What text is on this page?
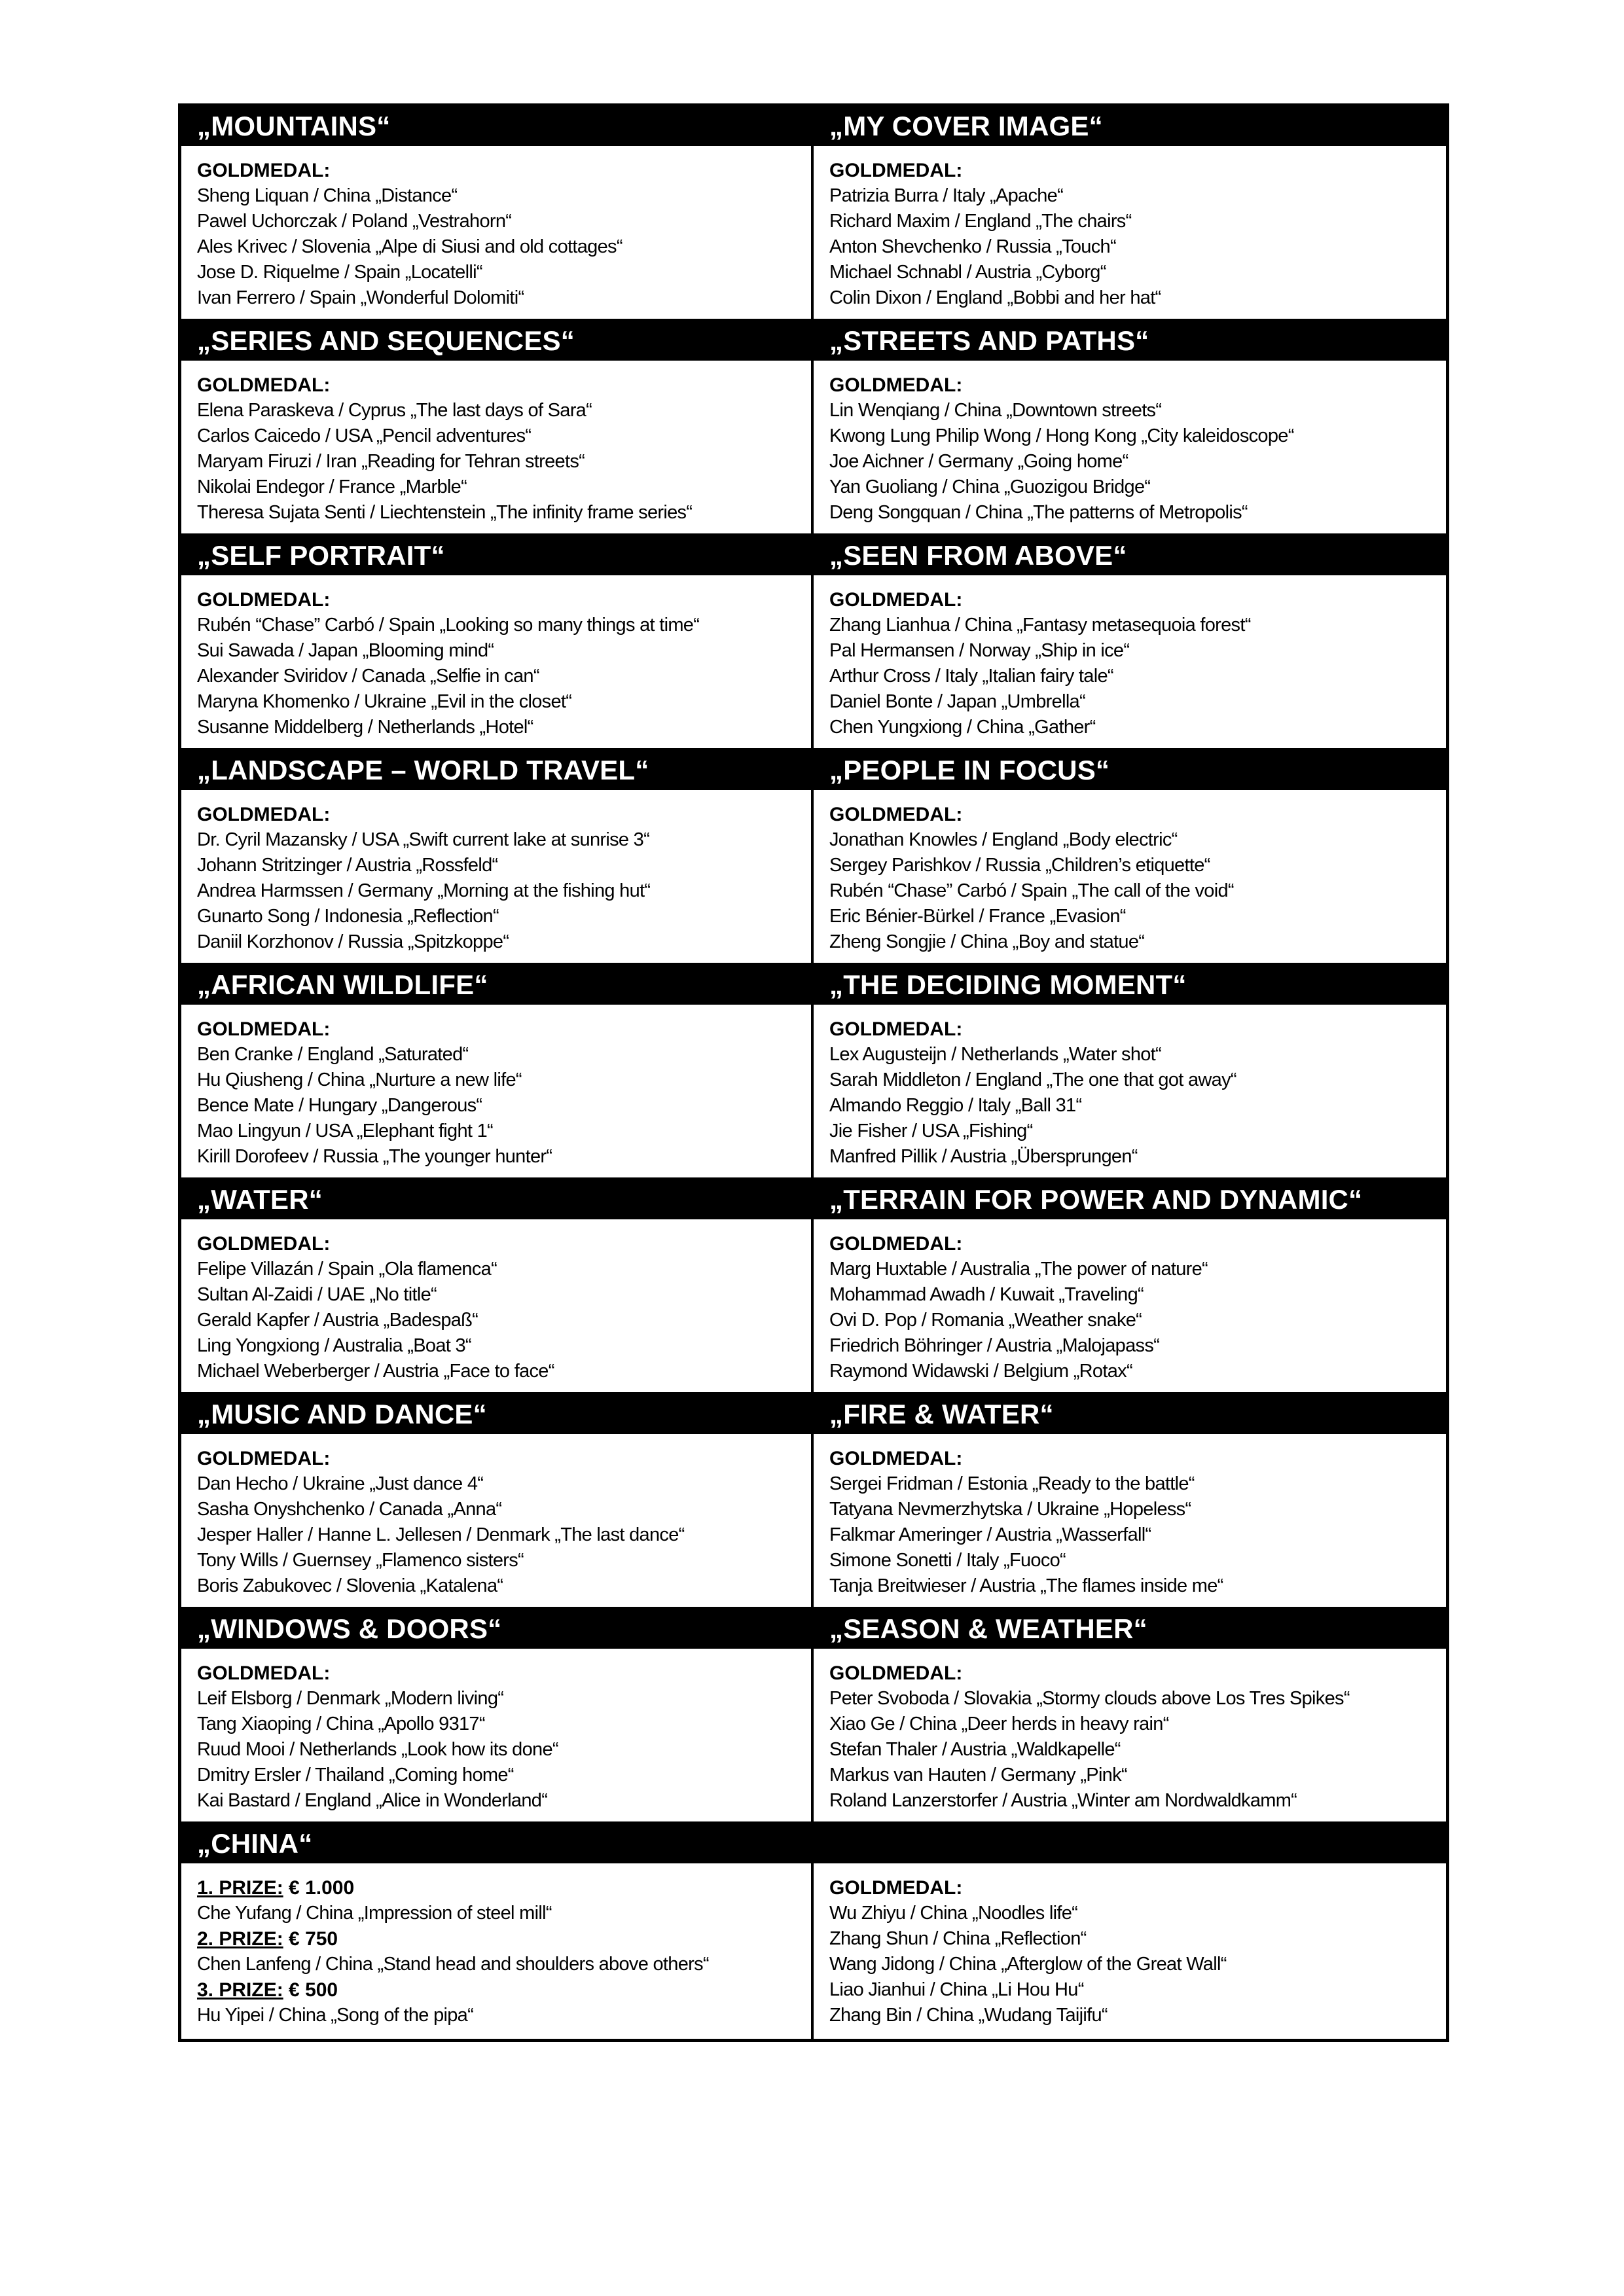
„MOUNTAINS“
GOLDMEDAL:
Sheng Liquan / China „Distance“
Pawel Uchorczak / Poland „Vestrahorn“
Ales Krivec / Slovenia „Alpe di Siusi and old cottages“
Jose D. Riquelme / Spain „Locatelli“
Ivan Ferrero / Spain „Wonderful Dolomiti“
„MY COVER IMAGE“
GOLDMEDAL:
Patrizia Burra / Italy „Apache“
Richard Maxim / England „The chairs“
Anton Shevchenko / Russia „Touch“
Michael Schnabl / Austria „Cyborg“
Colin Dixon / England „Bobbi and her hat“
„SERIES AND SEQUENCES“
GOLDMEDAL:
Elena Paraskeva / Cyprus „The last days of Sara“
Carlos Caicedo / USA „Pencil adventures“
Maryam Firuzi / Iran „Reading for Tehran streets“
Nikolai Endegor / France „Marble“
Theresa Sujata Senti / Liechtenstein „The infinity frame series“
„STREETS AND PATHS“
GOLDMEDAL:
Lin Wenqiang / China „Downtown streets“
Kwong Lung Philip Wong / Hong Kong „City kaleidoscope“
Joe Aichner / Germany „Going home“
Yan Guoliang / China „Guozigou Bridge“
Deng Songquan / China „The patterns of Metropolis“
„SELF PORTRAIT“
GOLDMEDAL:
Rubén “Chase” Carbó / Spain „Looking so many things at time“
Sui Sawada / Japan „Blooming mind“
Alexander Sviridov / Canada „Selfie in can“
Maryna Khomenko / Ukraine „Evil in the closet“
Susanne Middelberg / Netherlands „Hotel“
„SEEN FROM ABOVE“
GOLDMEDAL:
Zhang Lianhua / China „Fantasy metasequoia forest“
Pal Hermansen / Norway „Ship in ice“
Arthur Cross / Italy „Italian fairy tale“
Daniel Bonte / Japan „Umbrella“
Chen Yungxiong / China „Gather“
„LANDSCAPE – WORLD TRAVEL“
GOLDMEDAL:
Dr. Cyril Mazansky / USA „Swift current lake at sunrise 3“
Johann Stritzinger / Austria „Rossfeld“
Andrea Harmssen / Germany „Morning at the fishing hut“
Gunarto Song / Indonesia „Reflection“
Daniil Korzhonov / Russia „Spitzkoppe“
„PEOPLE IN FOCUS“
GOLDMEDAL:
Jonathan Knowles / England „Body electric“
Sergey Parishkov / Russia „Children’s etiquette“
Rubén “Chase” Carbó / Spain „The call of the void“
Eric Bénier-Bürkel / France „Evasion“
Zheng Songjie / China „Boy and statue“
„AFRICAN WILDLIFE“
GOLDMEDAL:
Ben Cranke / England „Saturated“
Hu Qiusheng / China „Nurture a new life“
Bence Mate / Hungary „Dangerous“
Mao Lingyun / USA „Elephant fight 1“
Kirill Dorofeev / Russia „The younger hunter“
„THE DECIDING MOMENT“
GOLDMEDAL:
Lex Augusteijn / Netherlands „Water shot“
Sarah Middleton / England „The one that got away“
Almando Reggio / Italy „Ball 31“
Jie Fisher / USA „Fishing“
Manfred Pillik / Austria „Übersprungen“
„WATER“
GOLDMEDAL:
Felipe Villazán / Spain „Ola flamenca“
Sultan Al-Zaidi / UAE „No title“
Gerald Kapfer / Austria „Badespaß“
Ling Yongxiong / Australia „Boat 3“
Michael Weberberger / Austria „Face to face“
„TERRAIN FOR POWER AND DYNAMIC“
GOLDMEDAL:
Marg Huxtable / Australia „The power of nature“
Mohammad Awadh / Kuwait „Traveling“
Ovi D. Pop / Romania „Weather snake“
Friedrich Böhringer / Austria „Malojapass“
Raymond Widawski / Belgium „Rotax“
„MUSIC AND DANCE“
GOLDMEDAL:
Dan Hecho / Ukraine „Just dance 4“
Sasha Onyshchenko / Canada „Anna“
Jesper Haller / Hanne L. Jellesen / Denmark „The last dance“
Tony Wills / Guernsey „Flamenco sisters“
Boris Zabukovec / Slovenia „Katalena“
„FIRE & WATER“
GOLDMEDAL:
Sergei Fridman / Estonia „Ready to the battle“
Tatyana Nevmerzhytska / Ukraine „Hopeless“
Falkmar Ameringer / Austria „Wasserfall“
Simone Sonetti / Italy „Fuoco“
Tanja Breitwieser / Austria „The flames inside me“
„WINDOWS & DOORS“
GOLDMEDAL:
Leif Elsborg / Denmark „Modern living“
Tang Xiaoping / China „Apollo 9317“
Ruud Mooi / Netherlands „Look how its done“
Dmitry Ersler / Thailand „Coming home“
Kai Bastard / England „Alice in Wonderland“
„SEASON & WEATHER“
GOLDMEDAL:
Peter Svoboda / Slovakia „Stormy clouds above Los Tres Spikes“
Xiao Ge / China „Deer herds in heavy rain“
Stefan Thaler / Austria „Waldkapelle“
Markus van Hauten / Germany „Pink“
Roland Lanzerstorfer / Austria „Winter am Nordwaldkamm“
„CHINA“
1. PRIZE: € 1.000
Che Yufang / China „Impression of steel mill“
2. PRIZE: € 750
Chen Lanfeng / China „Stand head and shoulders above others“
3. PRIZE: € 500
Hu Yipei / China „Song of the pipa“
GOLDMEDAL:
Wu Zhiyu / China „Noodles life“
Zhang Shun / China „Reflection“
Wang Jidong / China „Afterglow of the Great Wall“
Liao Jianhui / China „Li Hou Hu“
Zhang Bin / China „Wudang Taijifu“
